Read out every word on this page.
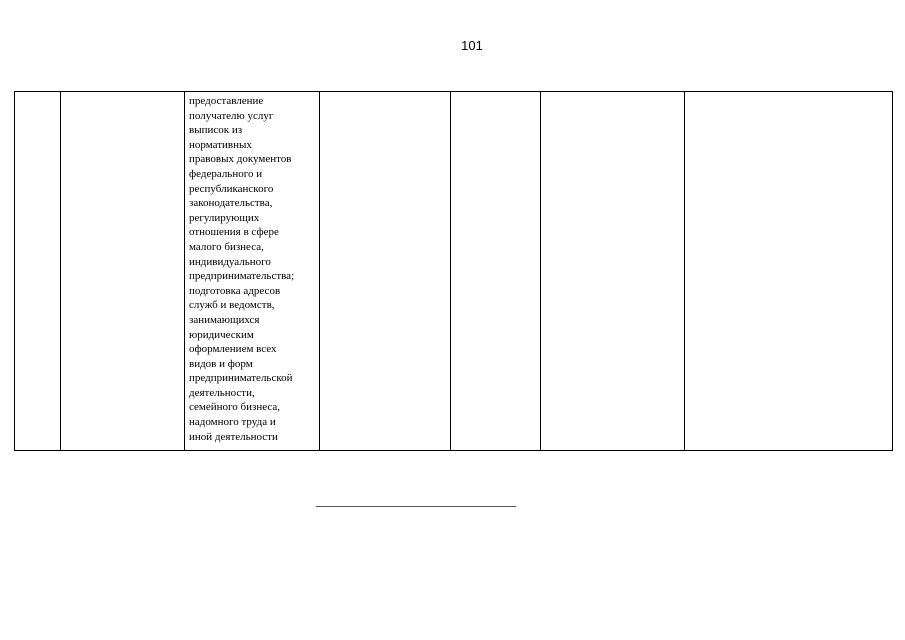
101

предоставление
получателю услуг
выписок из
нормативных
правовых документов
федерального и
республиканского
законодательства,
регулирующих
отношения в сфере
малого бизнеса,
индивидуального
предпринимательства;
подготовка адресов
служб и ведомств,
занимающихся
юридическим
оформлением всех
видов и форм
предпринимательской
деятельности,
семейного бизнеса,
надомного труда и
иной деятельности
